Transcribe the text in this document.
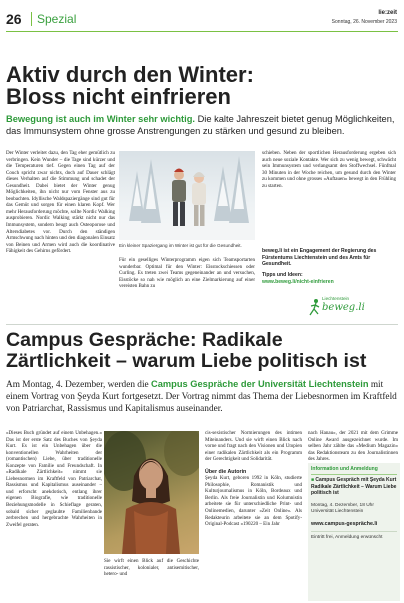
26 Spezial	lie:zeit
Sonntag, 26. November 2023
Aktiv durch den Winter:
Bloss nicht einfrieren
Bewegung ist auch im Winter sehr wichtig. Die kalte Jahreszeit bietet genug Möglichkeiten, das Immunsystem ohne grosse Anstrengungen zu stärken und gesund zu bleiben.

Der Winter verleitet dazu, den Tag eher gemütlich zu verbringen. Kein Wunder – die Tage sind kürzer und die Temperaturen tief. Gegen einen Tag auf der Couch spricht zwar nichts, doch auf Dauer schlägt dieses Verhalten auf die Stimmung und schadet der Gesundheit. Dabei bietet der Winter genug Möglichkeiten, ihn nicht nur vom Fenster aus zu beobachten. Idyllische Waldspaziergänge sind gut für das Gemüt und sorgen für einen klaren Kopf. Wer mehr Herausforderung möchte, sollte Nordic Walking ausprobieren. Nordic Walking stärkt nicht nur das Immunsystem, sondern beugt auch Osteoporose und Altersdiabetes vor. Durch den ständigen Armschwung nach hinten und den diagonalen Einsatz von Beinen und Armen wird auch die koordinative Fähigkeit des Gehirns gefördert.

Ein kleiner Spaziergang im Winter ist gut für die Gesundheit.

Für ein geselliges Winterprogramm eigen sich Teamsportarten wunderbar. Optimal für den Winter: Eisstockschiessen oder Curling. Es treten zwei Teams gegeneinander an und versuchen, Eisstöcke so nah wie möglich an eine Zielmarkierung auf einer vereisten Bahn zu

schieben. Neben der sportlichen Herausforderung ergeben sich auch neue soziale Kontakte. Wer sich zu wenig bewegt, schwächt sein Immunsystem und verlangsamt den Stoffwechsel. Fünfmal 30 Minuten in der Woche reichen, um gesund durch den Winter zu kommen und ohne grosses «Auftauen» bewegt in den Frühling zu starten.

beweg.li ist ein Engagement der Regierung des Fürstentums Liechtenstein und des Amts für Gesundheit.
Tipps und Ideen:
www.beweg.li/nicht-einfrieren
Liechtenstein
beweg.li
Campus Gespräche: Radikale
Zärtlichkeit – warum Liebe politisch ist
Am Montag, 4. Dezember, werden die Campus Gespräche der Universität Liechtenstein mit einem Vortrag von Şeyda Kurt fortgesetzt. Der Vortrag nimmt das Thema der Liebesnormen im Kraftfeld von Patriarchat, Rassismus und Kapitalismus auseinander.

«Dieses Buch gründet auf einem Unbehagen.» Das ist der erste Satz des Buches von Şeyda Kurt. Es ist ein Unbehagen über die konventionellen Wahrheiten der (romantischen) Liebe, über traditionelle Konzepte von Familie und Freundschaft. In «Radikale Zärtlichkeit» nimmt sie Liebesnormen im Kraftfeld von Patriarchat, Rassismus und Kapitalismus auseinander – und erforscht anekdotisch, entlang ihrer eigenen Biografie, wie traditionelle Beziehungsmodelle in Schieflage geraten, sobald sicher geglaubte Familienbande zerbrechen und hergebrachte Wahrheiten in Zweifel geraten.

Sie wirft einen Blick auf die Geschichte rassistischer, kolonialer, antisemitischer, hetero- und

cis-sexistischer Normierungen des intimen Miteinanders. Und sie wirft einen Blick nach vorne und fragt nach den Visionen und Utopien einer radikalen Zärtlichkeit als ein Programm der Gerechtigkeit und Solidarität.

Über die Autorin

Şeyda Kurt, geboren 1992 in Köln, studierte Philosophie, Romanistik und Kulturjournalismus in Köln, Bordeaux und Berlin. Als freie Journalistin und Kolumnistin arbeitete sie für unterschiedliche Print- und Onlinemedien, darunter «Zeit Online». Als Redakteurin arbeitete sie an dem Spotify-Original-Podcast «190220 – Ein Jahr

nach Hanau», der 2021 mit dem Grimme Online Award ausgezeichnet wurde. Im selben Jahr zählte das «Medium Magazin» das Redaktionsteam zu den Journalistinnen des Jahres.

Information und Anmeldung
■ Campus Gespräch mit Şeyda Kurt Radikale Zärtlichkeit – Warum Liebe politisch ist
Montag, 4. Dezember, 18 Uhr Universität Liechtenstein
www.campus-gespräche.li
Eintritt frei, Anmeldung erwünscht
